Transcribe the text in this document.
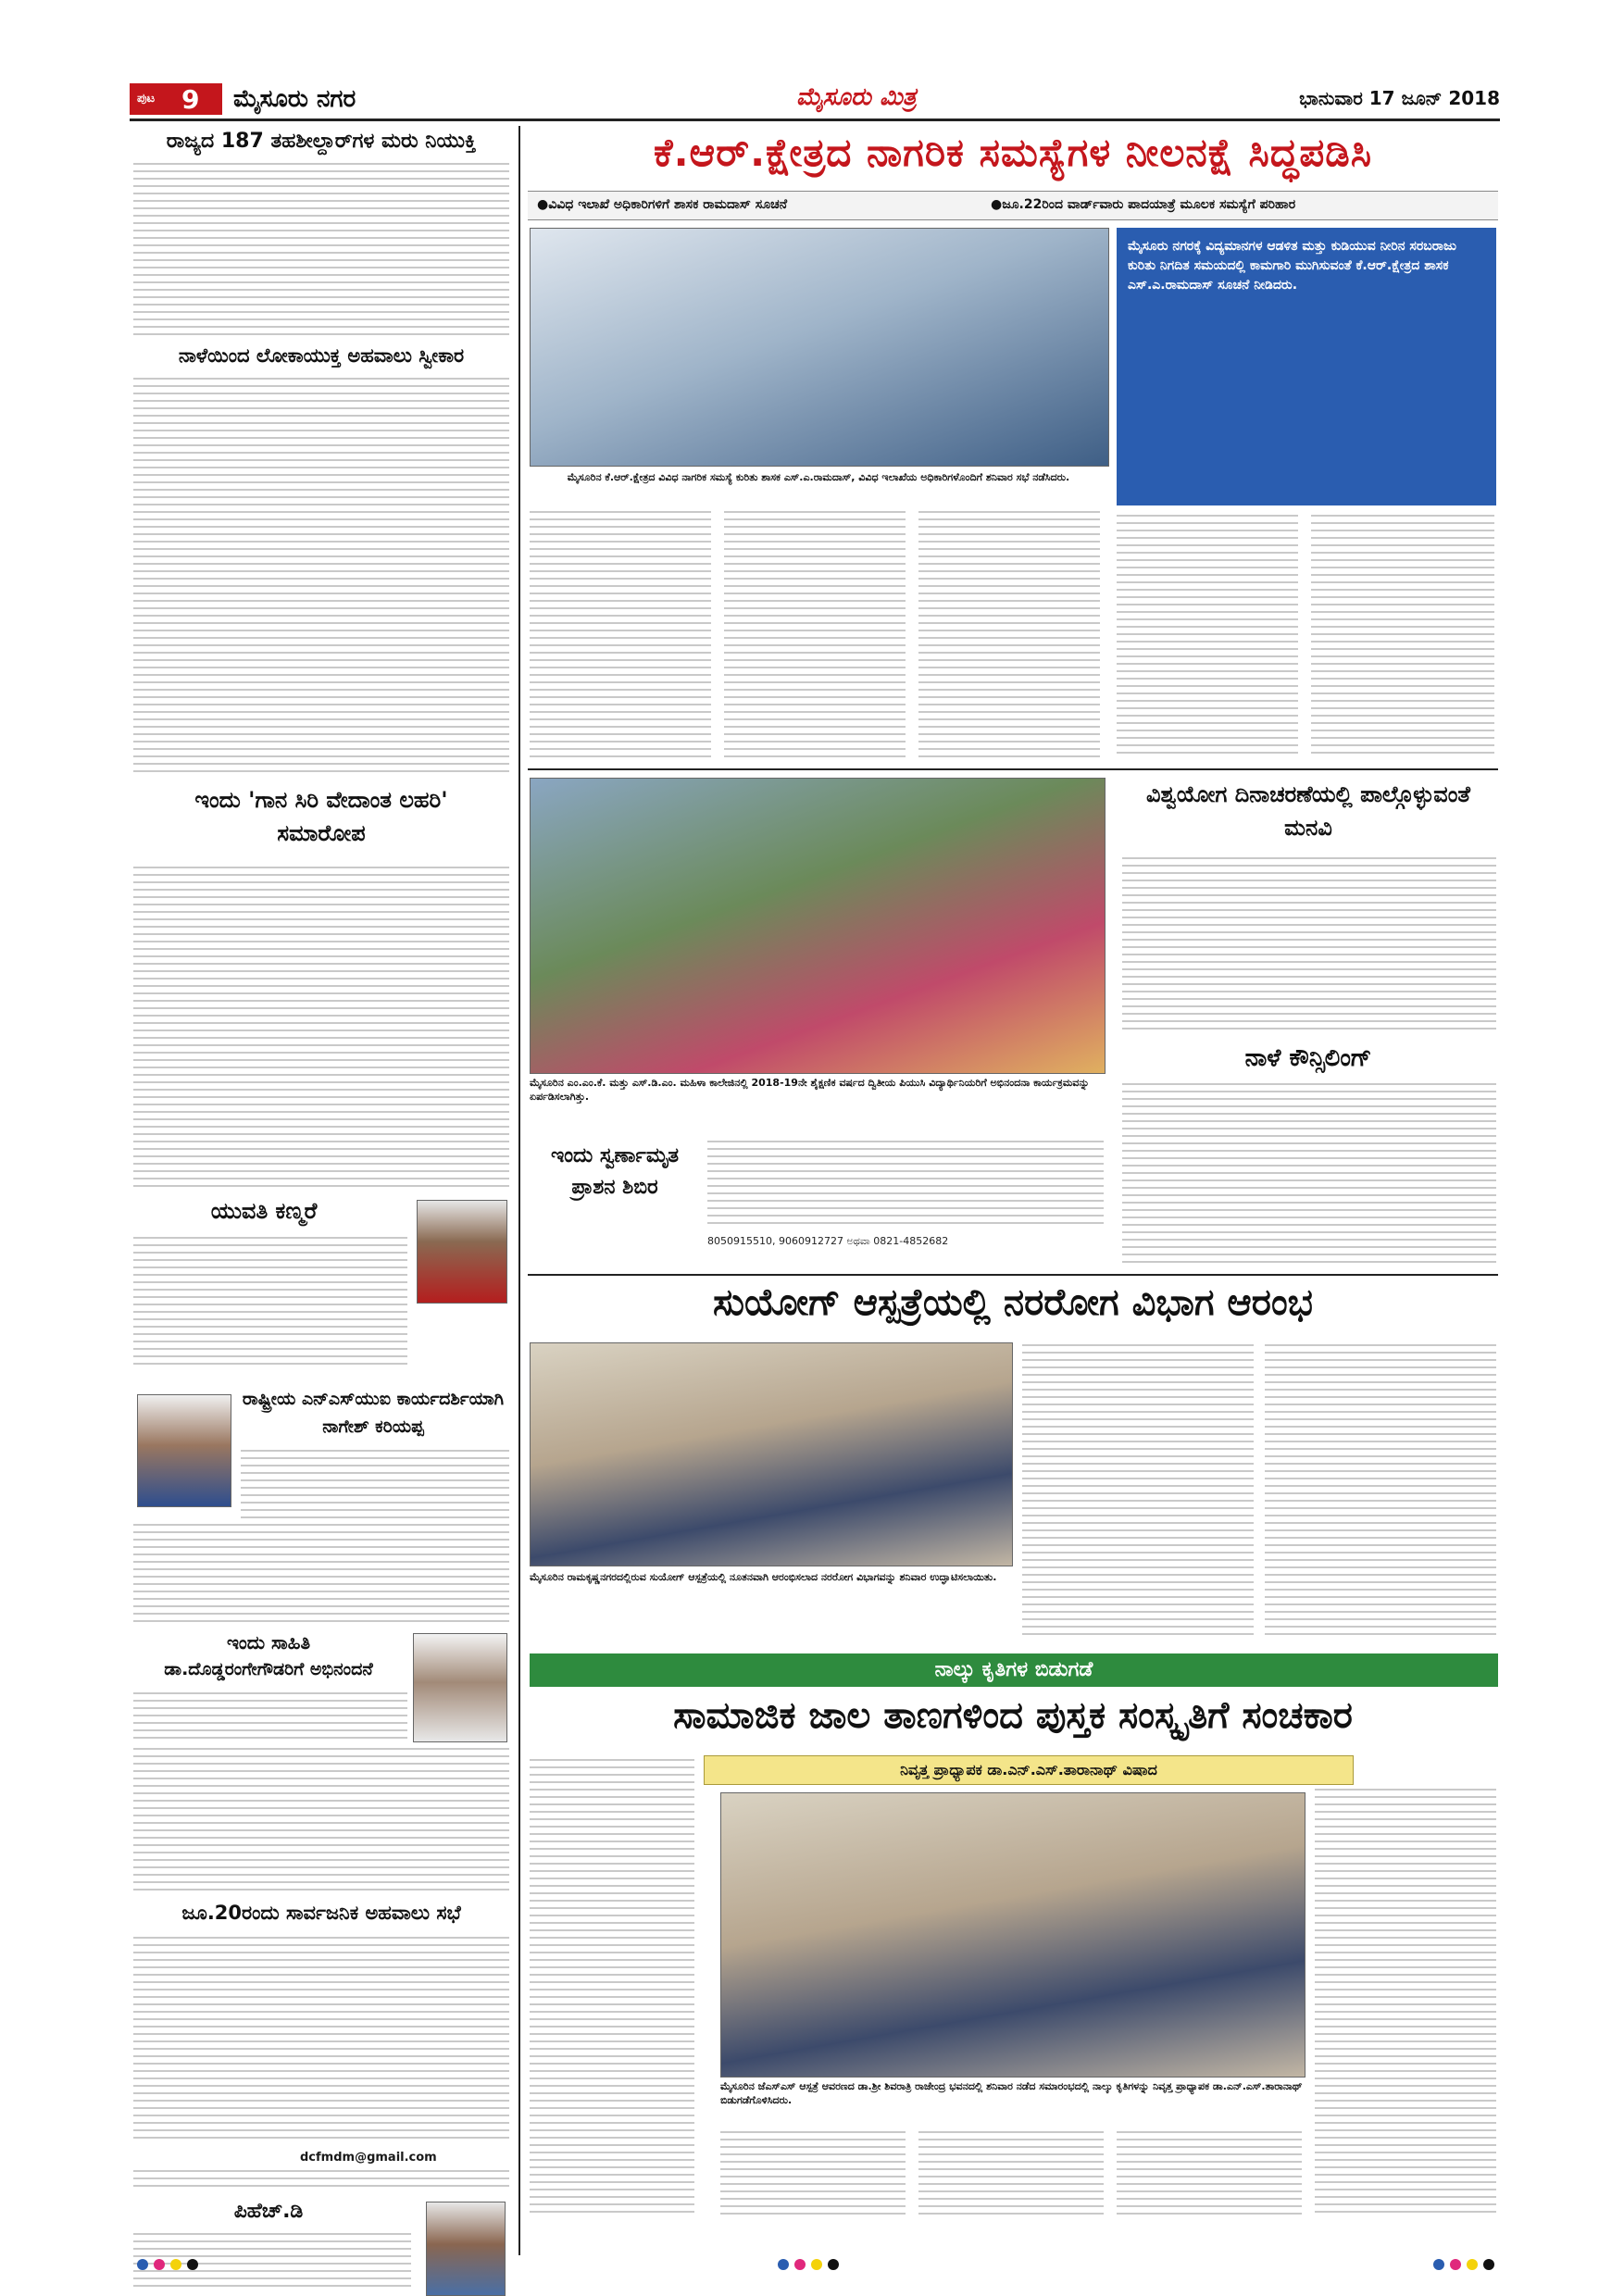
ಪುಟ 9 ಮೈಸೂರು ನಗರ	ಮೈಸೂರು ಮಿತ್ರ	ಭಾನುವಾರ 17 ಜೂನ್ 2018
ರಾಜ್ಯದ 187 ತಹಶೀಲ್ದಾರ್‌ಗಳ ಮರು ನಿಯುಕ್ತಿ
ನಾಳೆಯಿಂದ ಲೋಕಾಯುಕ್ತ ಅಹವಾಲು ಸ್ವೀಕಾರ
ಇಂದು 'ಗಾನ ಸಿರಿ ವೇದಾಂತ ಲಹರಿ' ಸಮಾರೋಪ
ಯುವತಿ ಕಣ್ಮರೆ
ರಾಷ್ಟ್ರೀಯ ಎನ್‌ಎಸ್‌ಯುಐ ಕಾರ್ಯದರ್ಶಿಯಾಗಿ ನಾಗೇಶ್ ಕರಿಯಪ್ಪ
ಇಂದು ಸಾಹಿತಿ
ಡಾ.ದೊಡ್ಡರಂಗೇಗೌಡರಿಗೆ ಅಭಿನಂದನೆ
ಜೂ.20ರಂದು ಸಾರ್ವಜನಿಕ ಅಹವಾಲು ಸಭೆ
dcfmdm@gmail.com
ಪಿಹೆಚ್.ಡಿ
ಕೆ.ಆರ್.ಕ್ಷೇತ್ರದ ನಾಗರಿಕ ಸಮಸ್ಯೆಗಳ ನೀಲನಕ್ಷೆ ಸಿದ್ಧಪಡಿಸಿ
●ವಿವಿಧ ಇಲಾಖೆ ಅಧಿಕಾರಿಗಳಿಗೆ ಶಾಸಕ ರಾಮದಾಸ್ ಸೂಚನೆ	●ಜೂ.22ರಿಂದ ವಾರ್ಡ್‌ವಾರು ಪಾದಯಾತ್ರೆ ಮೂಲಕ ಸಮಸ್ಯೆಗೆ ಪರಿಹಾರ
ಮೈಸೂರಿನ ಕೆ.ಆರ್.ಕ್ಷೇತ್ರದ ವಿವಿಧ ನಾಗರಿಕ ಸಮಸ್ಯೆ ಕುರಿತು ಶಾಸಕ ಎಸ್.ಎ.ರಾಮದಾಸ್, ವಿವಿಧ ಇಲಾಖೆಯ ಅಧಿಕಾರಿಗಳೊಂದಿಗೆ ಶನಿವಾರ ಸಭೆ ನಡೆಸಿದರು.
ಮೈಸೂರು ನಗರಕ್ಕೆ ವಿದ್ಯಮಾನಗಳ ಆಡಳಿತ ಮತ್ತು ಕುಡಿಯುವ ನೀರಿನ ಸರಬರಾಜು ಕುರಿತು ನಿಗದಿತ ಸಮಯದಲ್ಲಿ ಕಾಮಗಾರಿ ಮುಗಿಸುವಂತೆ ಕೆ.ಆರ್.ಕ್ಷೇತ್ರದ ಶಾಸಕ ಎಸ್.ಎ.ರಾಮದಾಸ್ ಸೂಚನೆ ನೀಡಿದರು.
ಮೈಸೂರಿನ ಎಂ.ಎಂ.ಕೆ. ಮತ್ತು ಎಸ್.ಡಿ.ಎಂ. ಮಹಿಳಾ ಕಾಲೇಜಿನಲ್ಲಿ 2018-19ನೇ ಶೈಕ್ಷಣಿಕ ವರ್ಷದ ದ್ವಿತೀಯ ಪಿಯುಸಿ ವಿದ್ಯಾರ್ಥಿನಿಯರಿಗೆ ಅಭಿನಂದನಾ ಕಾರ್ಯಕ್ರಮವನ್ನು ಏರ್ಪಡಿಸಲಾಗಿತ್ತು.
ವಿಶ್ವಯೋಗ ದಿನಾಚರಣೆಯಲ್ಲಿ ಪಾಲ್ಗೊಳ್ಳುವಂತೆ ಮನವಿ
ನಾಳೆ ಕೌನ್ಸಿಲಿಂಗ್
ಇಂದು ಸ್ವರ್ಣಾಮೃತ ಪ್ರಾಶನ ಶಿಬಿರ
8050915510, 9060912727 ಅಥವಾ 0821-4852682
ಸುಯೋಗ್ ಆಸ್ಪತ್ರೆಯಲ್ಲಿ ನರರೋಗ ವಿಭಾಗ ಆರಂಭ
ಮೈಸೂರಿನ ರಾಮಕೃಷ್ಣನಗರದಲ್ಲಿರುವ ಸುಯೋಗ್ ಆಸ್ಪತ್ರೆಯಲ್ಲಿ ನೂತನವಾಗಿ ಆರಂಭಿಸಲಾದ ನರರೋಗ ವಿಭಾಗವನ್ನು ಶನಿವಾರ ಉದ್ಘಾಟಿಸಲಾಯಿತು.
ನಾಲ್ಕು ಕೃತಿಗಳ ಬಿಡುಗಡೆ
ಸಾಮಾಜಿಕ ಜಾಲ ತಾಣಗಳಿಂದ ಪುಸ್ತಕ ಸಂಸ್ಕೃತಿಗೆ ಸಂಚಕಾರ
ನಿವೃತ್ತ ಪ್ರಾಧ್ಯಾಪಕ ಡಾ.ಎನ್.ಎಸ್.ತಾರಾನಾಥ್ ವಿಷಾದ
ಮೈಸೂರಿನ ಜೆಎಸ್‌ಎಸ್ ಆಸ್ಪತ್ರೆ ಆವರಣದ ಡಾ.ಶ್ರೀ ಶಿವರಾತ್ರಿ ರಾಜೇಂದ್ರ ಭವನದಲ್ಲಿ ಶನಿವಾರ ನಡೆದ ಸಮಾರಂಭದಲ್ಲಿ ನಾಲ್ಕು ಕೃತಿಗಳನ್ನು ನಿವೃತ್ತ ಪ್ರಾಧ್ಯಾಪಕ ಡಾ.ಎನ್.ಎಸ್.ತಾರಾನಾಥ್ ಬಿಡುಗಡೆಗೊಳಿಸಿದರು.
